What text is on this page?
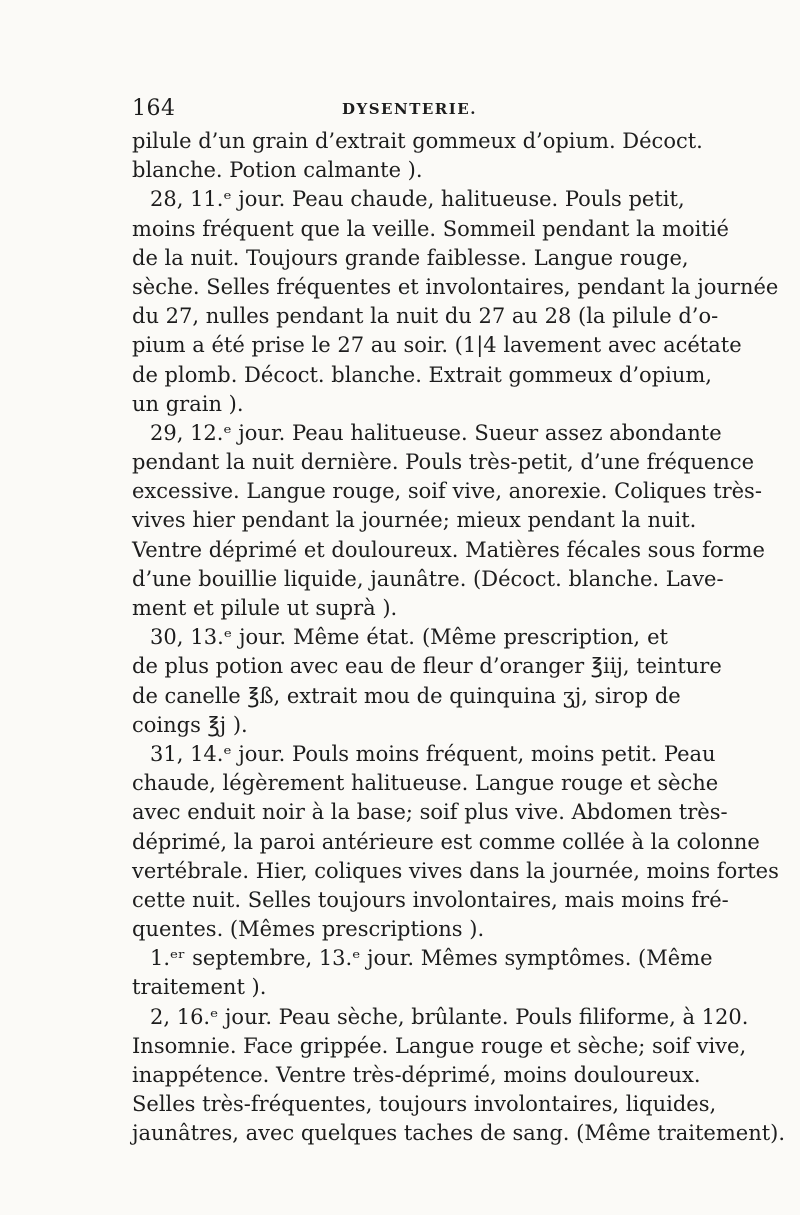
164	DYSENTERIE.
pilule d’un grain d’extrait gommeux d’opium. Décoct.
blanche. Potion calmante ).
28, 11.ᵉ jour. Peau chaude, halitueuse. Pouls petit,
moins fréquent que la veille. Sommeil pendant la moitié
de la nuit. Toujours grande faiblesse. Langue rouge,
sèche. Selles fréquentes et involontaires, pendant la journée
du 27, nulles pendant la nuit du 27 au 28 (la pilule d’o-
pium a été prise le 27 au soir. (1|4 lavement avec acétate
de plomb. Décoct. blanche. Extrait gommeux d’opium,
un grain ).
29, 12.ᵉ jour. Peau halitueuse. Sueur assez abondante
pendant la nuit dernière. Pouls très-petit, d’une fréquence
excessive. Langue rouge, soif vive, anorexie. Coliques très-
vives hier pendant la journée; mieux pendant la nuit.
Ventre déprimé et douloureux. Matières fécales sous forme
d’une bouillie liquide, jaunâtre. (Décoct. blanche. Lave-
ment et pilule ut suprà ).
30, 13.ᵉ jour. Même état. (Même prescription, et
de plus potion avec eau de fleur d’oranger ℥iij, teinture
de canelle ℥ß, extrait mou de quinquina ʒj, sirop de
coings ℥j ).
31, 14.ᵉ jour. Pouls moins fréquent, moins petit. Peau
chaude, légèrement halitueuse. Langue rouge et sèche
avec enduit noir à la base; soif plus vive. Abdomen très-
déprimé, la paroi antérieure est comme collée à la colonne
vertébrale. Hier, coliques vives dans la journée, moins fortes
cette nuit. Selles toujours involontaires, mais moins fré-
quentes. (Mêmes prescriptions ).
1.ᵉʳ septembre, 13.ᵉ jour. Mêmes symptômes. (Même
traitement ).
2, 16.ᵉ jour. Peau sèche, brûlante. Pouls filiforme, à 120.
Insomnie. Face grippée. Langue rouge et sèche; soif vive,
inappétence. Ventre très-déprimé, moins douloureux.
Selles très-fréquentes, toujours involontaires, liquides,
jaunâtres, avec quelques taches de sang. (Même traitement).
